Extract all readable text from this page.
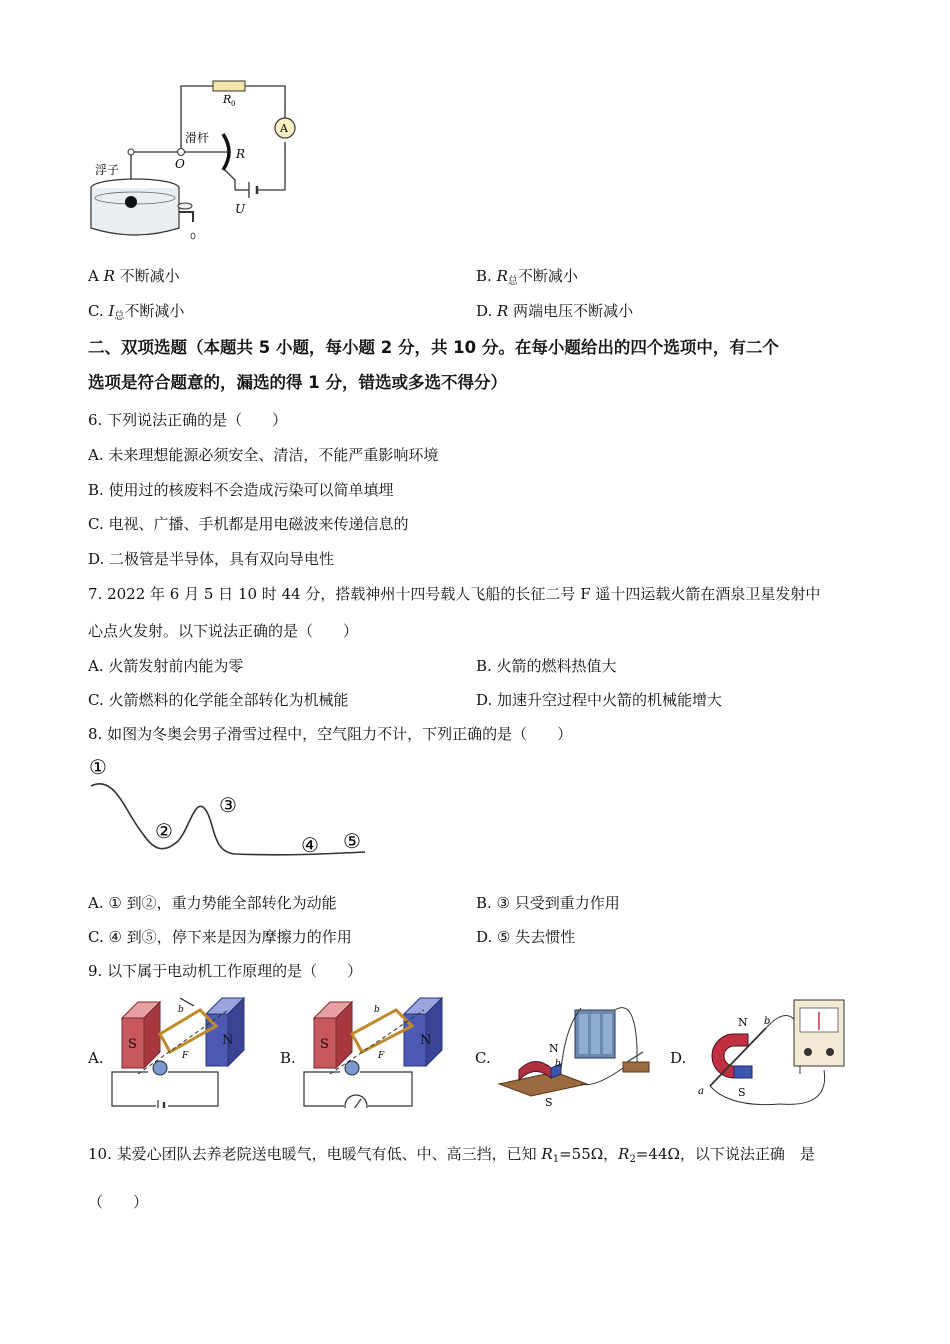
R 0
A
R
U
滑杆
O
浮子
A R 不断减小	B. $R_总$不断减小
C. $I_总$不断减小	D. R 两端电压不断减小
二、双项选题（本题共 5 小题，每小题 2 分，共 10 分。在每小题给出的四个选项中，有二个
选项是符合题意的，漏选的得 1 分，错选或多选不得分）
6. 下列说法正确的是（　　）
A. 未来理想能源必须安全、清洁，不能严重影响环境
B. 使用过的核废料不会造成污染可以简单填埋
C. 电视、广播、手机都是用电磁波来传递信息的
D. 二极管是半导体，具有双向导电性
7. 2022 年 6 月 5 日 10 时 44 分，搭载神州十四号载人飞船的长征二号 F 遥十四运载火箭在酒泉卫星发射中
心点火发射。以下说法正确的是（　　）
A. 火箭发射前内能为零	B. 火箭的燃料热值大
C. 火箭燃料的化学能全部转化为机械能	D. 加速升空过程中火箭的机械能增大
8. 如图为冬奥会男子滑雪过程中，空气阻力不计，下列正确的是（　　）
①
②
③
④ ⑤
A. ① 到②，重力势能全部转化为动能	B. ③ 只受到重力作用
C. ④ 到⑤，停下来是因为摩擦力的作用	D. ⑤ 失去惯性
9. 以下属于电动机工作原理的是（　　）
A.
S	N
b
F	B.
S	N
b
F	C.
N
b
S
D.
N
S
b
a
10. 某爱心团队去养老院送电暖气，电暖气有低、中、高三挡，已知 $R_1=55\Omega$，$R_2=44\Omega$，以下说法正确　是
（　　）
